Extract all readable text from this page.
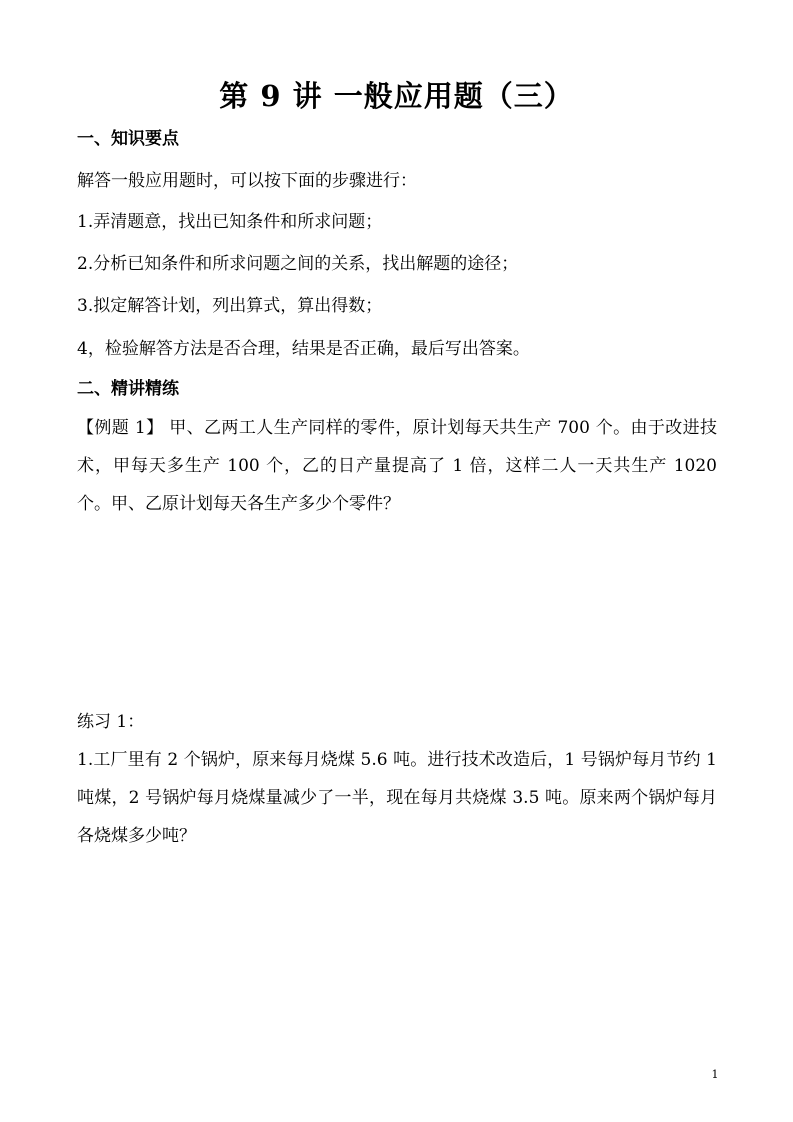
第 9 讲 一般应用题（三）
一、知识要点
解答一般应用题时，可以按下面的步骤进行：
1.弄清题意，找出已知条件和所求问题；
2.分析已知条件和所求问题之间的关系，找出解题的途径；
3.拟定解答计划，列出算式，算出得数；
4，检验解答方法是否合理，结果是否正确，最后写出答案。
二、精讲精练
【例题 1】 甲、乙两工人生产同样的零件，原计划每天共生产 700 个。由于改进技术，甲每天多生产 100 个，乙的日产量提高了 1 倍，这样二人一天共生产 1020 个。甲、乙原计划每天各生产多少个零件？
练习 1：
1.工厂里有 2 个锅炉，原来每月烧煤 5.6 吨。进行技术改造后，1 号锅炉每月节约 1 吨煤，2 号锅炉每月烧煤量减少了一半，现在每月共烧煤 3.5 吨。原来两个锅炉每月各烧煤多少吨？
1
